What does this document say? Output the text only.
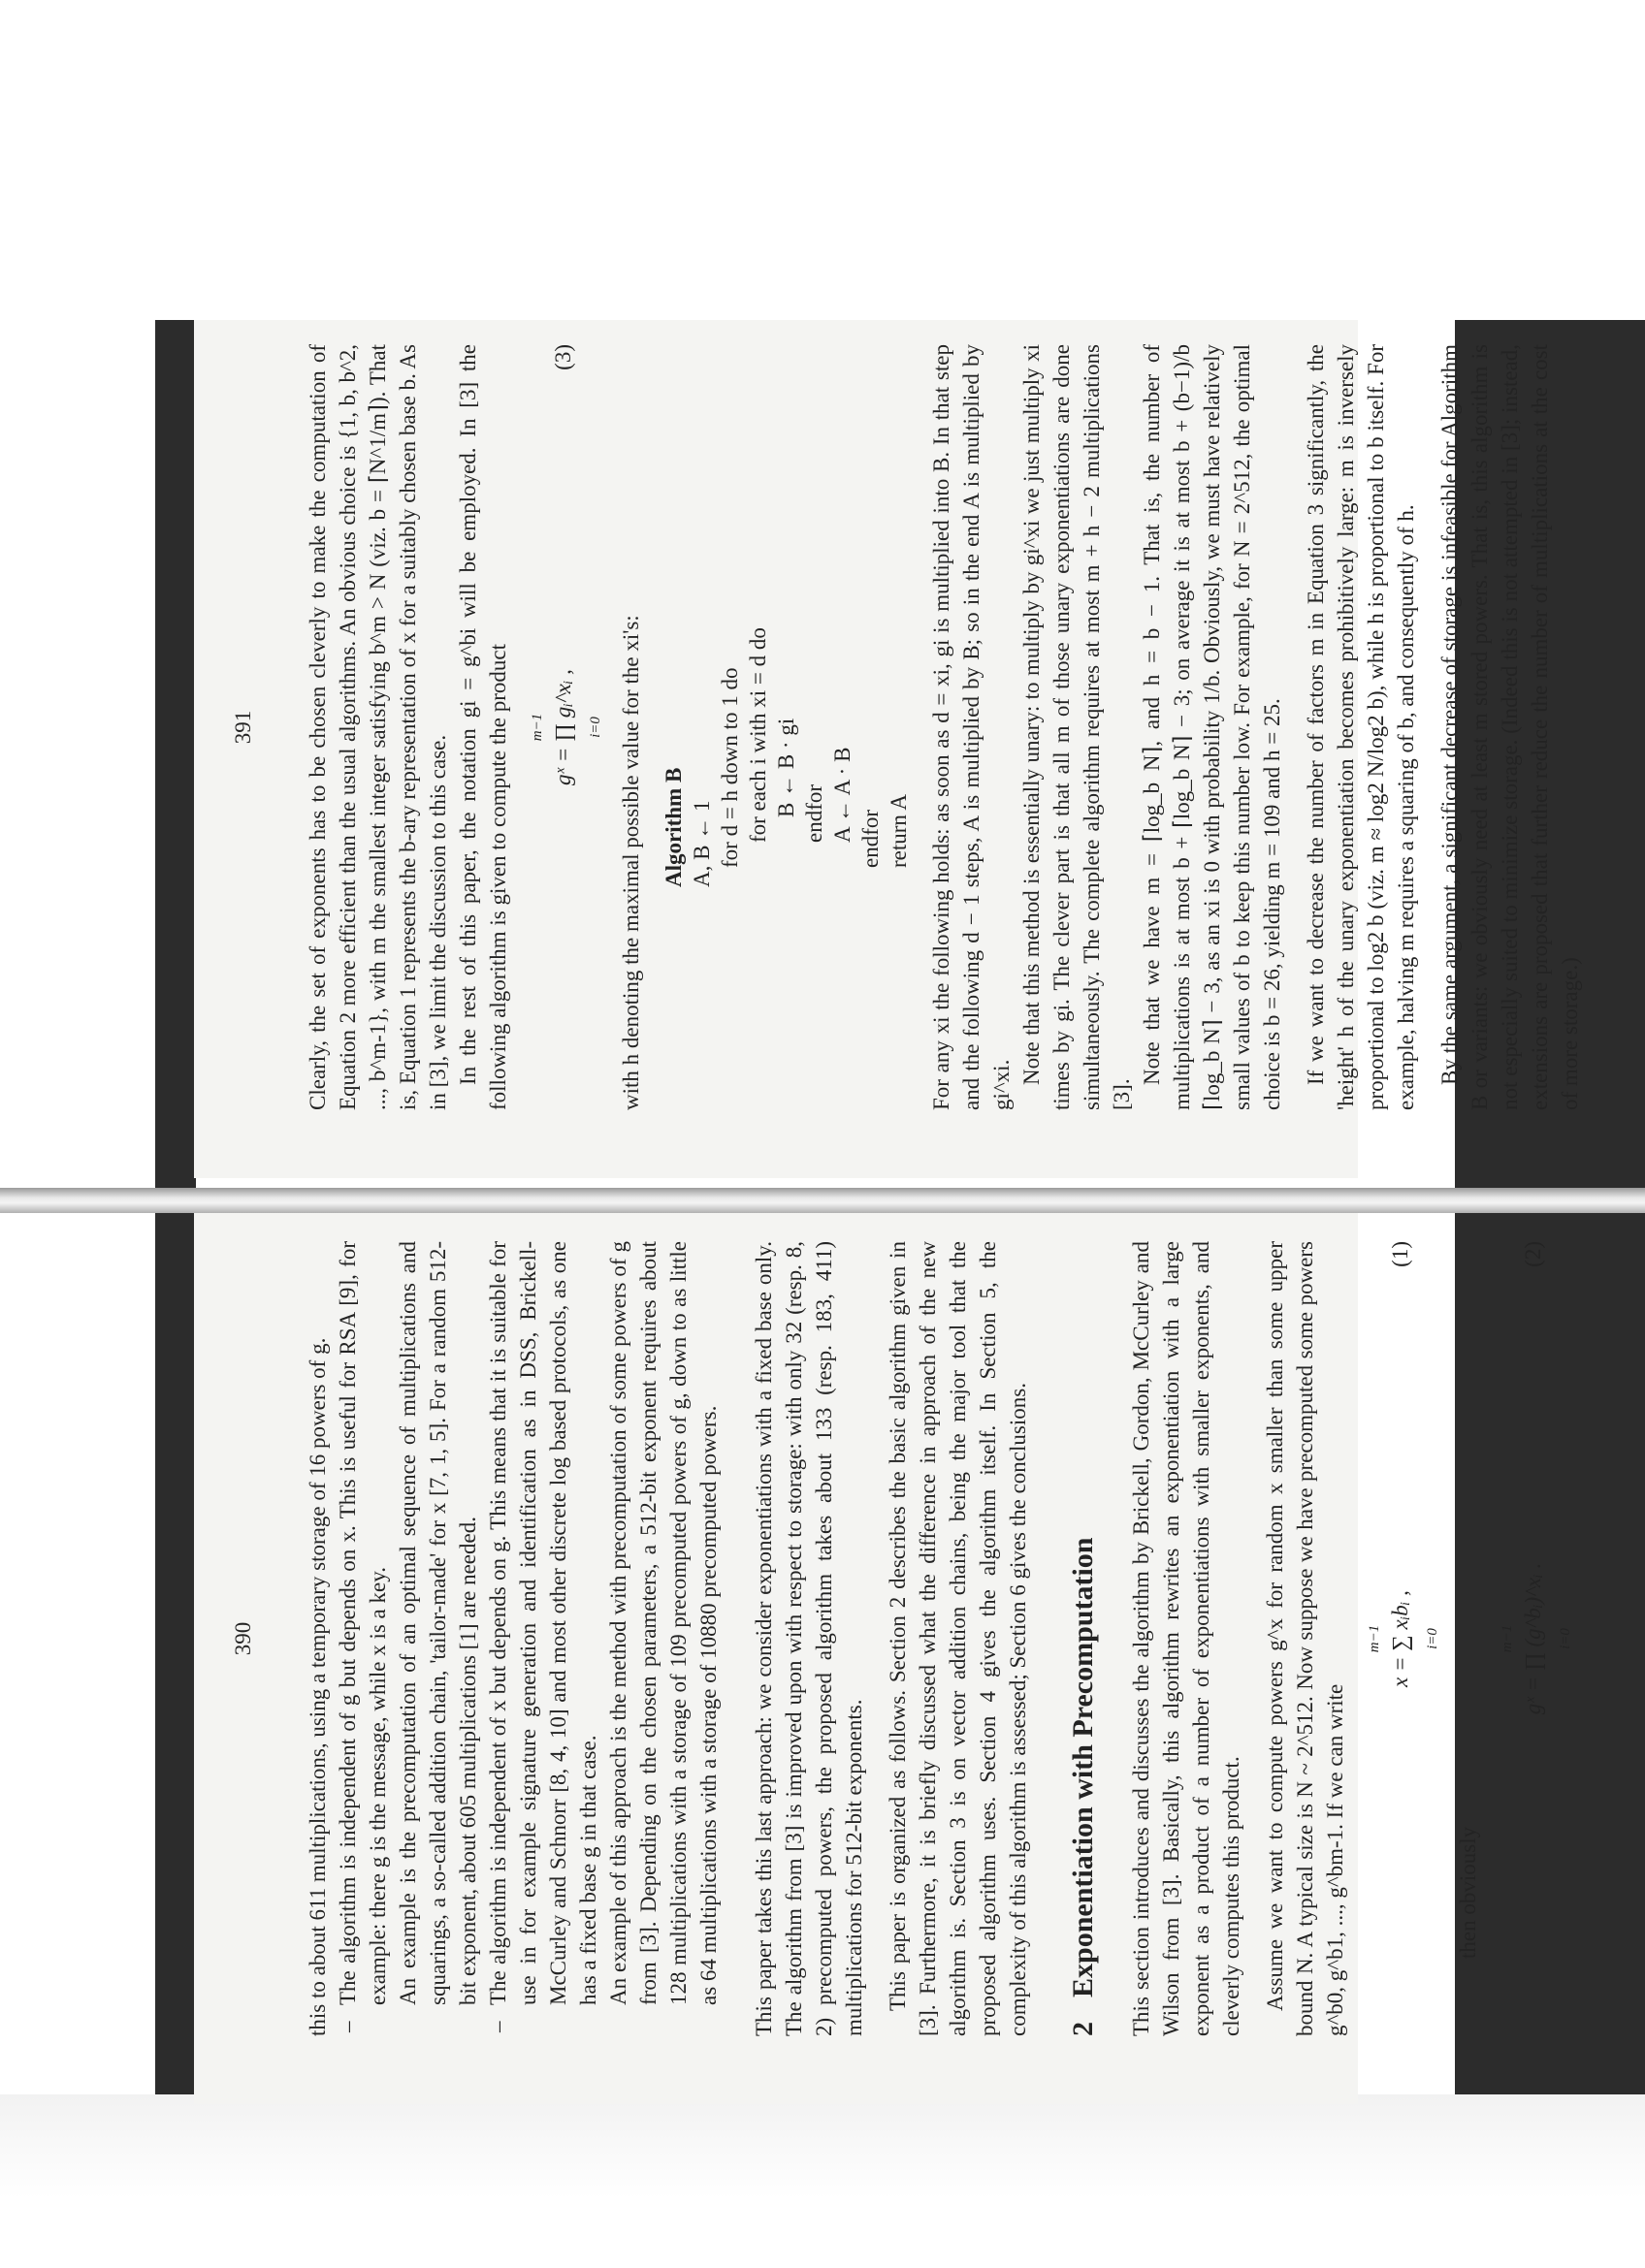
390 this to about 611 multiplications, using a temporary storage of 16 powers of g. – The algorithm is independent of g but depends on x. This is useful for RSA [9], for example: there g is the message, while x is a key. An example is the precomputation of an optimal sequence of multiplications and squarings, a so-called addition chain, 'tailor-made' for x [7, 1, 5]. For a random 512-bit exponent, about 605 multiplications [1] are needed. – The algorithm is independent of x but depends on g. This means that it is suitable for use in for example signature generation and identification as in DSS, Brickell-McCurley and Schnorr [8, 4, 10] and most other discrete log based protocols, as one has a fixed base g in that case. An example of this approach is the method with precomputation of some powers of g from [3]. Depending on the chosen parameters, a 512-bit exponent requires about 128 multiplications with a storage of 109 precomputed powers of g, down to as little as 64 multiplications with a storage of 10880 precomputed powers. This paper takes this last approach: we consider exponentiations with a fixed base only. The algorithm from [3] is improved upon with respect to storage: with only 32 (resp. 8, 2) precomputed powers, the proposed algorithm takes about 133 (resp. 183, 411) multiplications for 512-bit exponents. This paper is organized as follows. Section 2 describes the basic algorithm given in [3]. Furthermore, it is briefly discussed what the difference in approach of the new algorithm is. Section 3 is on vector addition chains, being the major tool that the proposed algorithm uses. Section 4 gives the algorithm itself. In Section 5, the complexity of this algorithm is assessed; Section 6 gives the conclusions. 2Exponentiation with Precomputation This section introduces and discusses the algorithm by Brickell, Gordon, McCurley and Wilson from [3]. Basically, this algorithm rewrites an exponentiation with a large exponent as a product of a number of exponentiations with smaller exponents, and cleverly computes this product. Assume we want to compute powers g^x for random x smaller than some upper bound N. A typical size is N ~ 2^512. Now suppose we have precomputed some powers g^b0, g^b1, ..., g^bm-1. If we can write

m−1 x = ∑ xᵢbᵢ , i=0
(1)

then obviously

m−1 gˣ = ∏ (g^bᵢ)^xᵢ . i=0
(2)
391 Clearly, the set of exponents has to be chosen cleverly to make the computation of Equation 2 more efficient than the usual algorithms. An obvious choice is {1, b, b^2, ..., b^m-1}, with m the smallest integer satisfying b^m > N (viz. b = ⌈N^1/m⌉). That is, Equation 1 represents the b-ary representation of x for a suitably chosen base b. As in [3], we limit the discussion to this case. In the rest of this paper, the notation gi = g^bi will be employed. In [3] the following algorithm is given to compute the product	m−1 gˣ = ∏ gᵢ^xᵢ , i=0
(3)

with h denoting the maximal possible value for the xi's: Algorithm B A, B ← 1 for d = h down to 1 do for each i with xi = d do B ← B · gi endfor A ← A · B endfor return A For any xi the following holds: as soon as d = xi, gi is multiplied into B. In that step and the following d − 1 steps, A is multiplied by B; so in the end A is multiplied by gi^xi. Note that this method is essentially unary: to multiply by gi^xi we just multiply xi times by gi. The clever part is that all m of those unary exponentiations are done simultaneously. The complete algorithm requires at most m + h − 2 multiplications [3].

Note that we have m = ⌈log_b N⌉, and h = b − 1. That is, the number of multiplications is at most b + ⌈log_b N⌉ − 3; on average it is at most b + (b−1)/b ⌈log_b N⌉ − 3, as an xi is 0 with probability 1/b. Obviously, we must have relatively small values of b to keep this number low. For example, for N = 2^512, the optimal choice is b = 26, yielding m = 109 and h = 25. If we want to decrease the number of factors m in Equation 3 significantly, the 'height' h of the unary exponentiation becomes prohibitively large: m is inversely proportional to log2 b (viz. m ≈ log2 N/log2 b), while h is proportional to b itself. For example, halving m requires a squaring of b, and consequently of h. By the same argument, a significant decrease of storage is infeasible for Algorithm B or variants: we obviously need at least m stored powers. That is, this algorithm is not especially suited to minimize storage. (Indeed this is not attempted in [3]; instead, extensions are proposed that further reduce the number of multiplications at the cost of more storage.)
